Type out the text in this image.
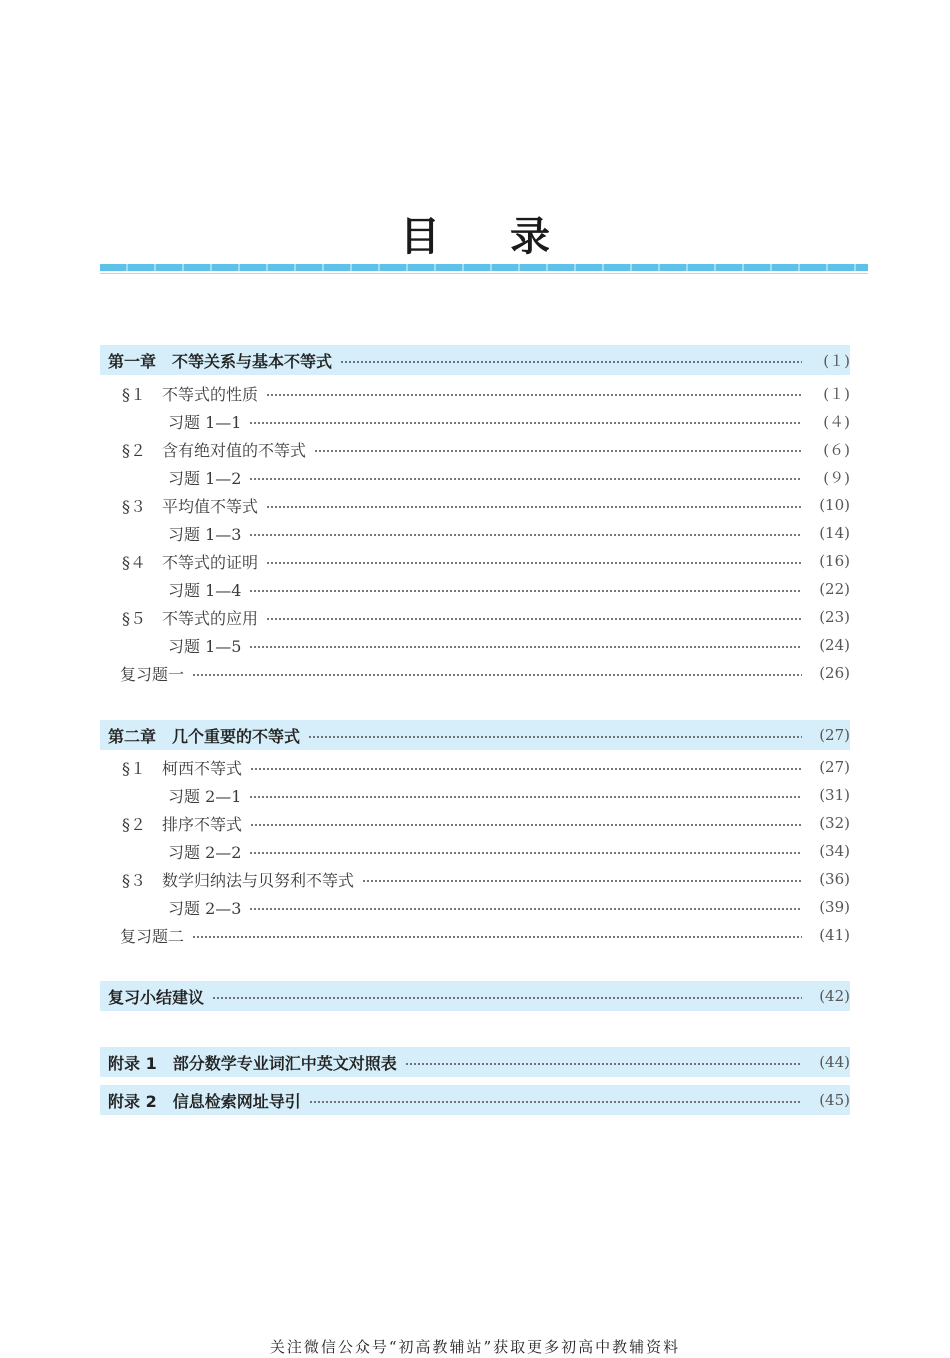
目 录
第一章　不等关系与基本不等式	(１)
§１　不等式的性质	(１)
习题 1—1	(４)
§２　含有绝对值的不等式	(６)
习题 1—2	(９)
§３　平均值不等式	(10)
习题 1—3	(14)
§４　不等式的证明	(16)
习题 1—4	(22)
§５　不等式的应用	(23)
习题 1—5	(24)
复习题一	(26)
第二章　几个重要的不等式	(27)
§１　柯西不等式	(27)
习题 2—1	(31)
§２　排序不等式	(32)
习题 2—2	(34)
§３　数学归纳法与贝努利不等式	(36)
习题 2—3	(39)
复习题二	(41)
复习小结建议	(42)
附录 1　部分数学专业词汇中英文对照表	(44)
附录 2　信息检索网址导引	(45)
关注微信公众号“初高教辅站”获取更多初高中教辅资料
